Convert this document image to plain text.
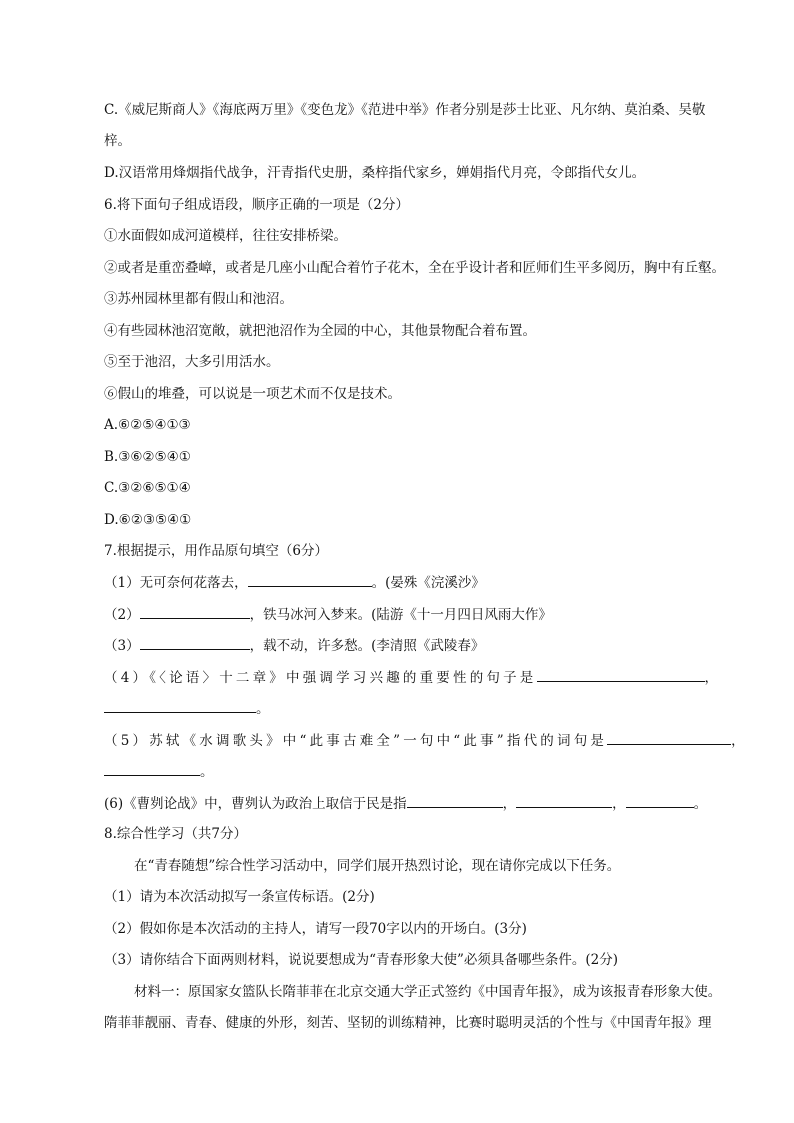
C.《威尼斯商人》《海底两万里》《变色龙》《范进中举》作者分别是莎士比亚、凡尔纳、莫泊桑、吴敬
梓。
D.汉语常用烽烟指代战争，汗青指代史册，桑梓指代家乡，婵娟指代月亮，令郎指代女儿。
6.将下面句子组成语段，顺序正确的一项是（2分）
①水面假如成河道模样，往往安排桥梁。
②或者是重峦叠嶂，或者是几座小山配合着竹子花木，全在乎设计者和匠师们生平多阅历，胸中有丘壑。
③苏州园林里都有假山和池沼。
④有些园林池沼宽敞，就把池沼作为全园的中心，其他景物配合着布置。
⑤至于池沼，大多引用活水。
⑥假山的堆叠，可以说是一项艺术而不仅是技术。
A.⑥②⑤④①③
B.③⑥②⑤④①
C.③②⑥⑤①④
D.⑥②③⑤④①
7.根据提示，用作品原句填空（6分）
（1）无可奈何花落去，	。(晏殊《浣溪沙》
（2）	，铁马冰河入梦来。(陆游《十一月四日风雨大作》
（3）	，载不动，许多愁。(李清照《武陵春》
（4）《〈论语〉十二章》中强调学习兴趣的重要性的句子是	，
。
（5）苏轼《水调歌头》中“此事古难全”一句中“此事”指代的词句是	，
。
(6)《曹刿论战》中，曹刿认为政治上取信于民是指	，	，	。
8.综合性学习（共7分）
在“青春随想”综合性学习活动中，同学们展开热烈讨论，现在请你完成以下任务。
（1）请为本次活动拟写一条宣传标语。(2分)
（2）假如你是本次活动的主持人，请写一段70字以内的开场白。(3分)
（3）请你结合下面两则材料，说说要想成为“青春形象大使”必须具备哪些条件。(2分)
材料一：原国家女篮队长隋菲菲在北京交通大学正式签约《中国青年报》，成为该报青春形象大使。
隋菲菲靓丽、青春、健康的外形，刻苦、坚韧的训练精神，比赛时聪明灵活的个性与《中国青年报》理
